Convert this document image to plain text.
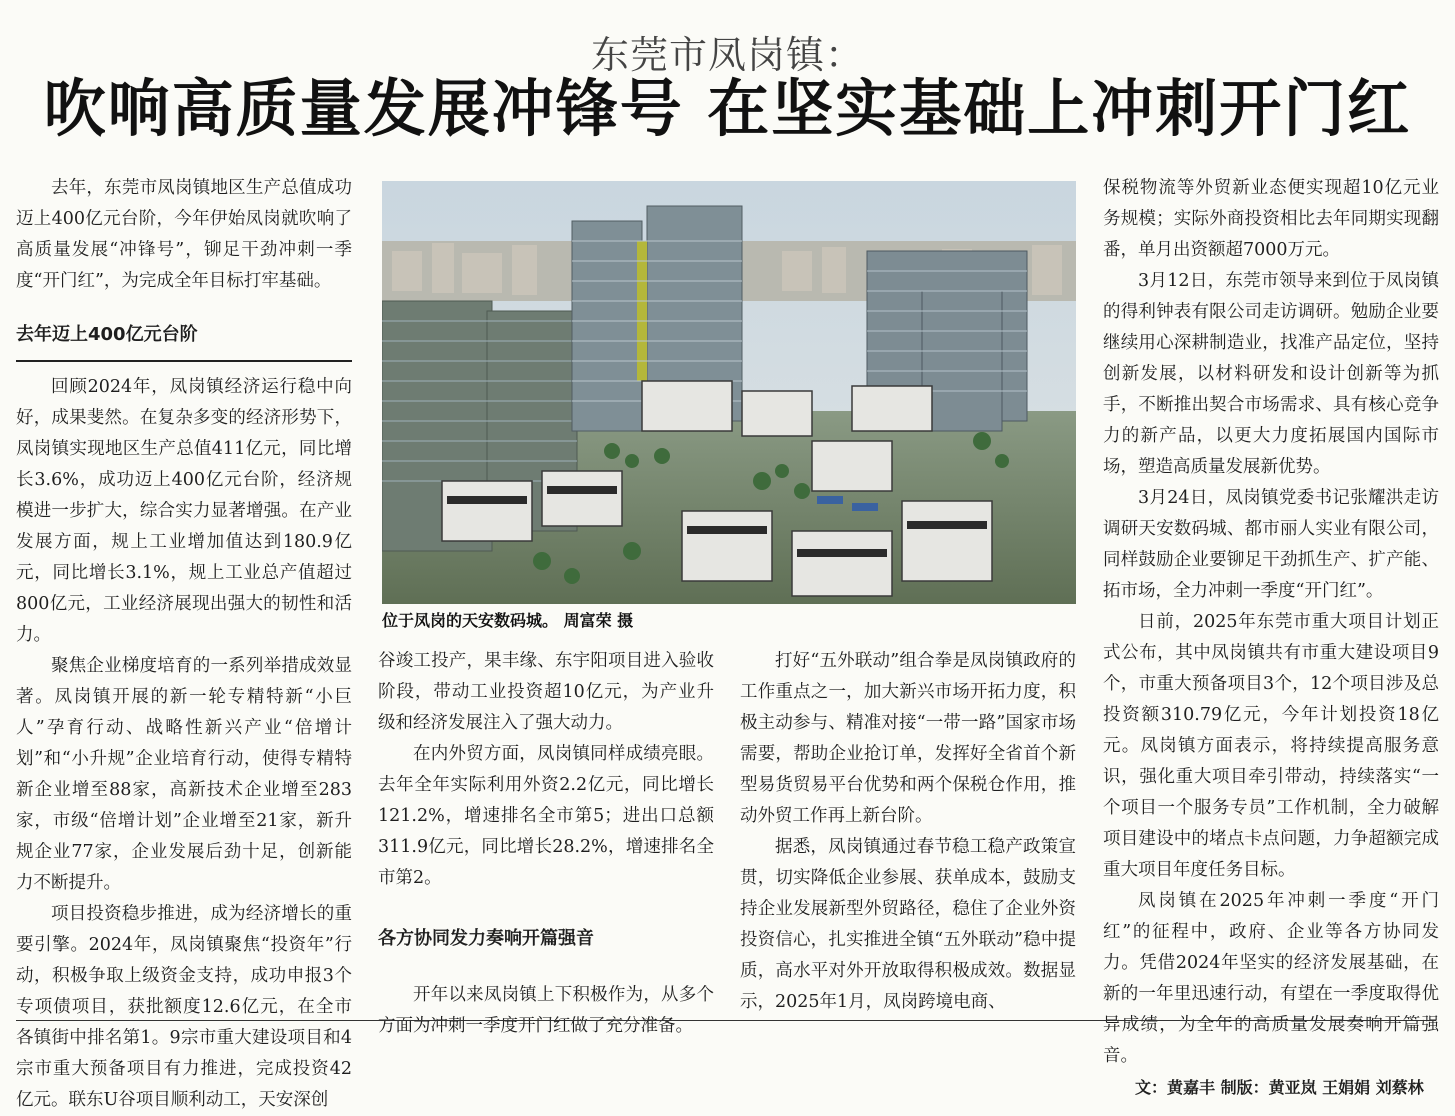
东莞市凤岗镇：
吹响高质量发展冲锋号 在坚实基础上冲刺开门红

去年，东莞市凤岗镇地区生产总值成功迈上400亿元台阶，今年伊始凤岗就吹响了高质量发展“冲锋号”，铆足干劲冲刺一季度“开门红”，为完成全年目标打牢基础。

去年迈上400亿元台阶

回顾2024年，凤岗镇经济运行稳中向好，成果斐然。在复杂多变的经济形势下，凤岗镇实现地区生产总值411亿元，同比增长3.6%，成功迈上400亿元台阶，经济规模进一步扩大，综合实力显著增强。在产业发展方面，规上工业增加值达到180.9亿元，同比增长3.1%，规上工业总产值超过800亿元，工业经济展现出强大的韧性和活力。

聚焦企业梯度培育的一系列举措成效显著。凤岗镇开展的新一轮专精特新“小巨人”孕育行动、战略性新兴产业“倍增计划”和“小升规”企业培育行动，使得专精特新企业增至88家，高新技术企业增至283家，市级“倍增计划”企业增至21家，新升规企业77家，企业发展后劲十足，创新能力不断提升。

项目投资稳步推进，成为经济增长的重要引擎。2024年，凤岗镇聚焦“投资年”行动，积极争取上级资金支持，成功申报3个专项债项目，获批额度12.6亿元，在全市各镇街中排名第1。9宗市重大建设项目和4宗市重大预备项目有力推进，完成投资42亿元。联东U谷项目顺利动工，天安深创

位于凤岗的天安数码城。 周富荣 摄

谷竣工投产，果丰缘、东宇阳项目进入验收阶段，带动工业投资超10亿元，为产业升级和经济发展注入了强大动力。

在内外贸方面，凤岗镇同样成绩亮眼。去年全年实际利用外资2.2亿元，同比增长121.2%，增速排名全市第5；进出口总额311.9亿元，同比增长28.2%，增速排名全市第2。

各方协同发力奏响开篇强音

开年以来凤岗镇上下积极作为，从多个方面为冲刺一季度开门红做了充分准备。

打好“五外联动”组合拳是凤岗镇政府的工作重点之一，加大新兴市场开拓力度，积极主动参与、精准对接“一带一路”国家市场需要，帮助企业抢订单，发挥好全省首个新型易货贸易平台优势和两个保税仓作用，推动外贸工作再上新台阶。

据悉，凤岗镇通过春节稳工稳产政策宣贯，切实降低企业参展、获单成本，鼓励支持企业发展新型外贸路径，稳住了企业外资投资信心，扎实推进全镇“五外联动”稳中提质，高水平对外开放取得积极成效。数据显示，2025年1月，凤岗跨境电商、

保税物流等外贸新业态便实现超10亿元业务规模；实际外商投资相比去年同期实现翻番，单月出资额超7000万元。

3月12日，东莞市领导来到位于凤岗镇的得利钟表有限公司走访调研。勉励企业要继续用心深耕制造业，找准产品定位，坚持创新发展，以材料研发和设计创新等为抓手，不断推出契合市场需求、具有核心竞争力的新产品，以更大力度拓展国内国际市场，塑造高质量发展新优势。

3月24日，凤岗镇党委书记张耀洪走访调研天安数码城、都市丽人实业有限公司，同样鼓励企业要铆足干劲抓生产、扩产能、拓市场，全力冲刺一季度“开门红”。

日前，2025年东莞市重大项目计划正式公布，其中凤岗镇共有市重大建设项目9个，市重大预备项目3个，12个项目涉及总投资额310.79亿元，今年计划投资18亿元。凤岗镇方面表示，将持续提高服务意识，强化重大项目牵引带动，持续落实“一个项目一个服务专员”工作机制，全力破解项目建设中的堵点卡点问题，力争超额完成重大项目年度任务目标。

凤岗镇在2025年冲刺一季度“开门红”的征程中，政府、企业等各方协同发力。凭借2024年坚实的经济发展基础，在新的一年里迅速行动，有望在一季度取得优异成绩，为全年的高质量发展奏响开篇强音。

文：黄嘉丰 制版：黄亚岚 王娟娟 刘蔡林
